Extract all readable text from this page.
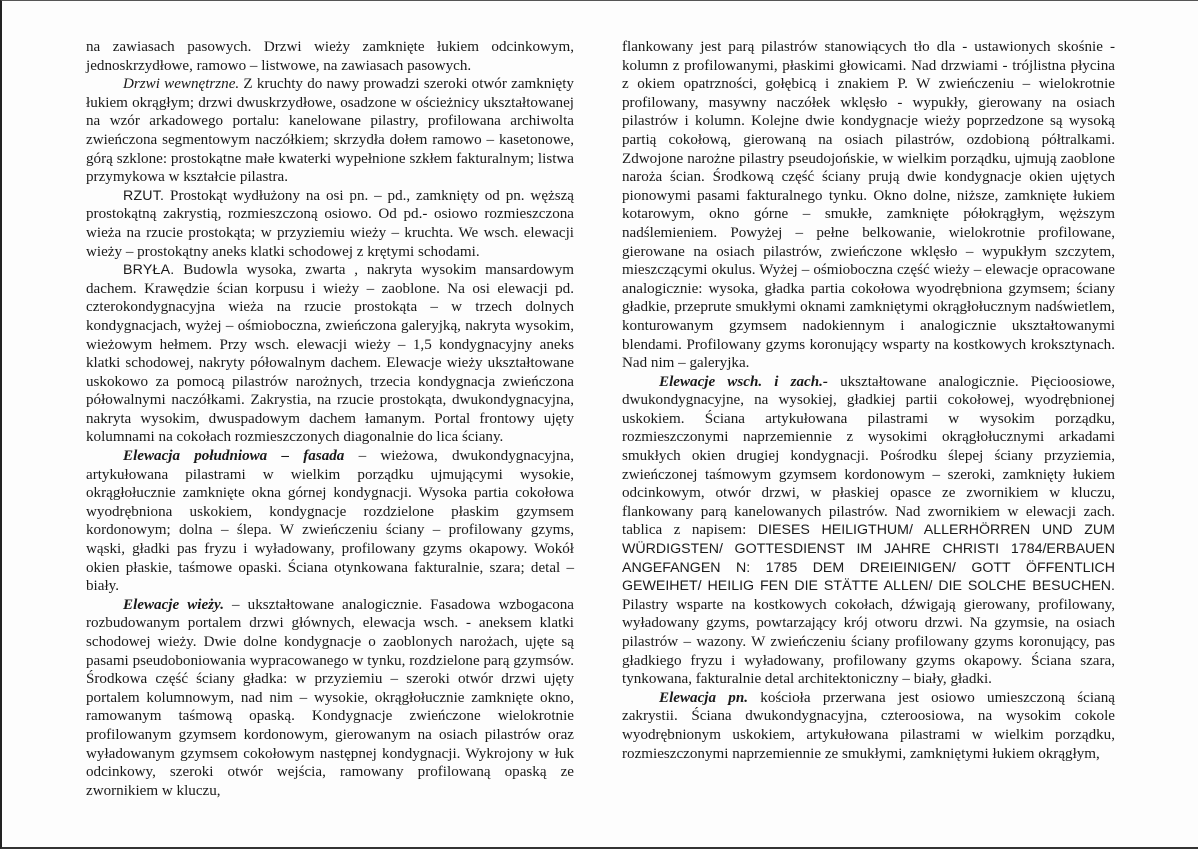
na zawiasach pasowych. Drzwi wieży zamknięte łukiem odcinkowym, jednoskrzydłowe, ramowo – listwowe, na zawiasach pasowych.

Drzwi wewnętrzne. Z kruchty do nawy prowadzi szeroki otwór zamknięty łukiem okrągłym; drzwi dwuskrzydłowe, osadzone w ościeżnicy ukształtowanej na wzór arkadowego portalu: kanelowane pilastry, profilowana archiwolta zwieńczona segmentowym naczółkiem; skrzydła dołem ramowo – kasetonowe, górą szklone: prostokątne małe kwaterki wypełnione szkłem fakturalnym; listwa przymykowa w kształcie pilastra.

RZUT. Prostokąt wydłużony na osi pn. – pd., zamknięty od pn. węższą prostokątną zakrystią, rozmieszczoną osiowo. Od pd.- osiowo rozmieszczona wieża na rzucie prostokąta; w przyziemiu wieży – kruchta. We wsch. elewacji wieży – prostokątny aneks klatki schodowej z krętymi schodami.

BRYŁA. Budowla wysoka, zwarta , nakryta wysokim mansardowym dachem. Krawędzie ścian korpusu i wieży – zaoblone. Na osi elewacji pd. czterokondygnacyjna wieża na rzucie prostokąta – w trzech dolnych kondygnacjach, wyżej – ośmioboczna, zwieńczona galeryjką, nakryta wysokim, wieżowym hełmem. Przy wsch. elewacji wieży – 1,5 kondygnacyjny aneks klatki schodowej, nakryty półowalnym dachem. Elewacje wieży ukształtowane uskokowo za pomocą pilastrów narożnych, trzecia kondygnacja zwieńczona półowalnymi naczółkami. Zakrystia, na rzucie prostokąta, dwukondygnacyjna, nakryta wysokim, dwuspadowym dachem łamanym. Portal frontowy ujęty kolumnami na cokołach rozmieszczonych diagonalnie do lica ściany.

Elewacja południowa – fasada – wieżowa, dwukondygnacyjna, artykułowana pilastrami w wielkim porządku ujmującymi wysokie, okrągłołucznie zamknięte okna górnej kondygnacji. Wysoka partia cokołowa wyodrębniona uskokiem, kondygnacje rozdzielone płaskim gzymsem kordonowym; dolna – ślepa. W zwieńczeniu ściany – profilowany gzyms, wąski, gładki pas fryzu i wyładowany, profilowany gzyms okapowy. Wokół okien płaskie, taśmowe opaski. Ściana otynkowana fakturalnie, szara; detal – biały.

Elewacje wieży. – ukształtowane analogicznie. Fasadowa wzbogacona rozbudowanym portalem drzwi głównych, elewacja wsch. - aneksem klatki schodowej wieży. Dwie dolne kondygnacje o zaoblonych narożach, ujęte są pasami pseudoboniowania wypracowanego w tynku, rozdzielone parą gzymsów. Środkowa część ściany gładka: w przyziemiu – szeroki otwór drzwi ujęty portalem kolumnowym, nad nim – wysokie, okrągłołucznie zamknięte okno, ramowanym taśmową opaską. Kondygnacje zwieńczone wielokrotnie profilowanym gzymsem kordonowym, gierowanym na osiach pilastrów oraz wyładowanym gzymsem cokołowym następnej kondygnacji. Wykrojony w łuk odcinkowy, szeroki otwór wejścia, ramowany profilowaną opaską ze zwornikiem w kluczu,

flankowany jest parą pilastrów stanowiących tło dla - ustawionych skośnie - kolumn z profilowanymi, płaskimi głowicami. Nad drzwiami - trójlistna płycina z okiem opatrzności, gołębicą i znakiem P. W zwieńczeniu – wielokrotnie profilowany, masywny naczółek wklęsło - wypukły, gierowany na osiach pilastrów i kolumn. Kolejne dwie kondygnacje wieży poprzedzone są wysoką partią cokołową, gierowaną na osiach pilastrów, ozdobioną półtralkami. Zdwojone narożne pilastry pseudojońskie, w wielkim porządku, ujmują zaoblone naroża ścian. Środkową część ściany prują dwie kondygnacje okien ujętych pionowymi pasami fakturalnego tynku. Okno dolne, niższe, zamknięte łukiem kotarowym, okno górne – smukłe, zamknięte półokrągłym, węższym nadślemieniem. Powyżej – pełne belkowanie, wielokrotnie profilowane, gierowane na osiach pilastrów, zwieńczone wklęsło – wypukłym szczytem, mieszczącymi okulus. Wyżej – ośmioboczna część wieży – elewacje opracowane analogicznie: wysoka, gładka partia cokołowa wyodrębniona gzymsem; ściany gładkie, przeprute smukłymi oknami zamkniętymi okrągłołucznym nadświetlem, konturowanym gzymsem nadokiennym i analogicznie ukształtowanymi blendami. Profilowany gzyms koronujący wsparty na kostkowych kroksztynach. Nad nim – galeryjka.

Elewacje wsch. i zach.- ukształtowane analogicznie. Pięcioosiowe, dwukondygnacyjne, na wysokiej, gładkiej partii cokołowej, wyodrębnionej uskokiem. Ściana artykułowana pilastrami w wysokim porządku, rozmieszczonymi naprzemiennie z wysokimi okrągłołucznymi arkadami smukłych okien drugiej kondygnacji. Pośrodku ślepej ściany przyziemia, zwieńczonej taśmowym gzymsem kordonowym – szeroki, zamknięty łukiem odcinkowym, otwór drzwi, w płaskiej opasce ze zwornikiem w kluczu, flankowany parą kanelowanych pilastrów. Nad zwornikiem w elewacji zach. tablica z napisem: DIESES HEILIGTHUM/ ALLERHÖRREN UND ZUM WÜRDIGSTEN/ GOTTESDIENST IM JAHRE CHRISTI 1784/ERBAUEN ANGEFANGEN N: 1785 DEM DREIEINIGEN/ GOTT ÖFFENTLICH GEWEIHET/ HEILIG FEN DIE STÄTTE ALLEN/ DIE SOLCHE BESUCHEN. Pilastry wsparte na kostkowych cokołach, dźwigają gierowany, profilowany, wyładowany gzyms, powtarzający krój otworu drzwi. Na gzymsie, na osiach pilastrów – wazony. W zwieńczeniu ściany profilowany gzyms koronujący, pas gładkiego fryzu i wyładowany, profilowany gzyms okapowy. Ściana szara, tynkowana, fakturalnie detal architektoniczny – biały, gładki.

Elewacja pn. kościoła przerwana jest osiowo umieszczoną ścianą zakrystii. Ściana dwukondygnacyjna, czteroosiowa, na wysokim cokole wyodrębnionym uskokiem, artykułowana pilastrami w wielkim porządku, rozmieszczonymi naprzemiennie ze smukłymi, zamkniętymi łukiem okrągłym,
